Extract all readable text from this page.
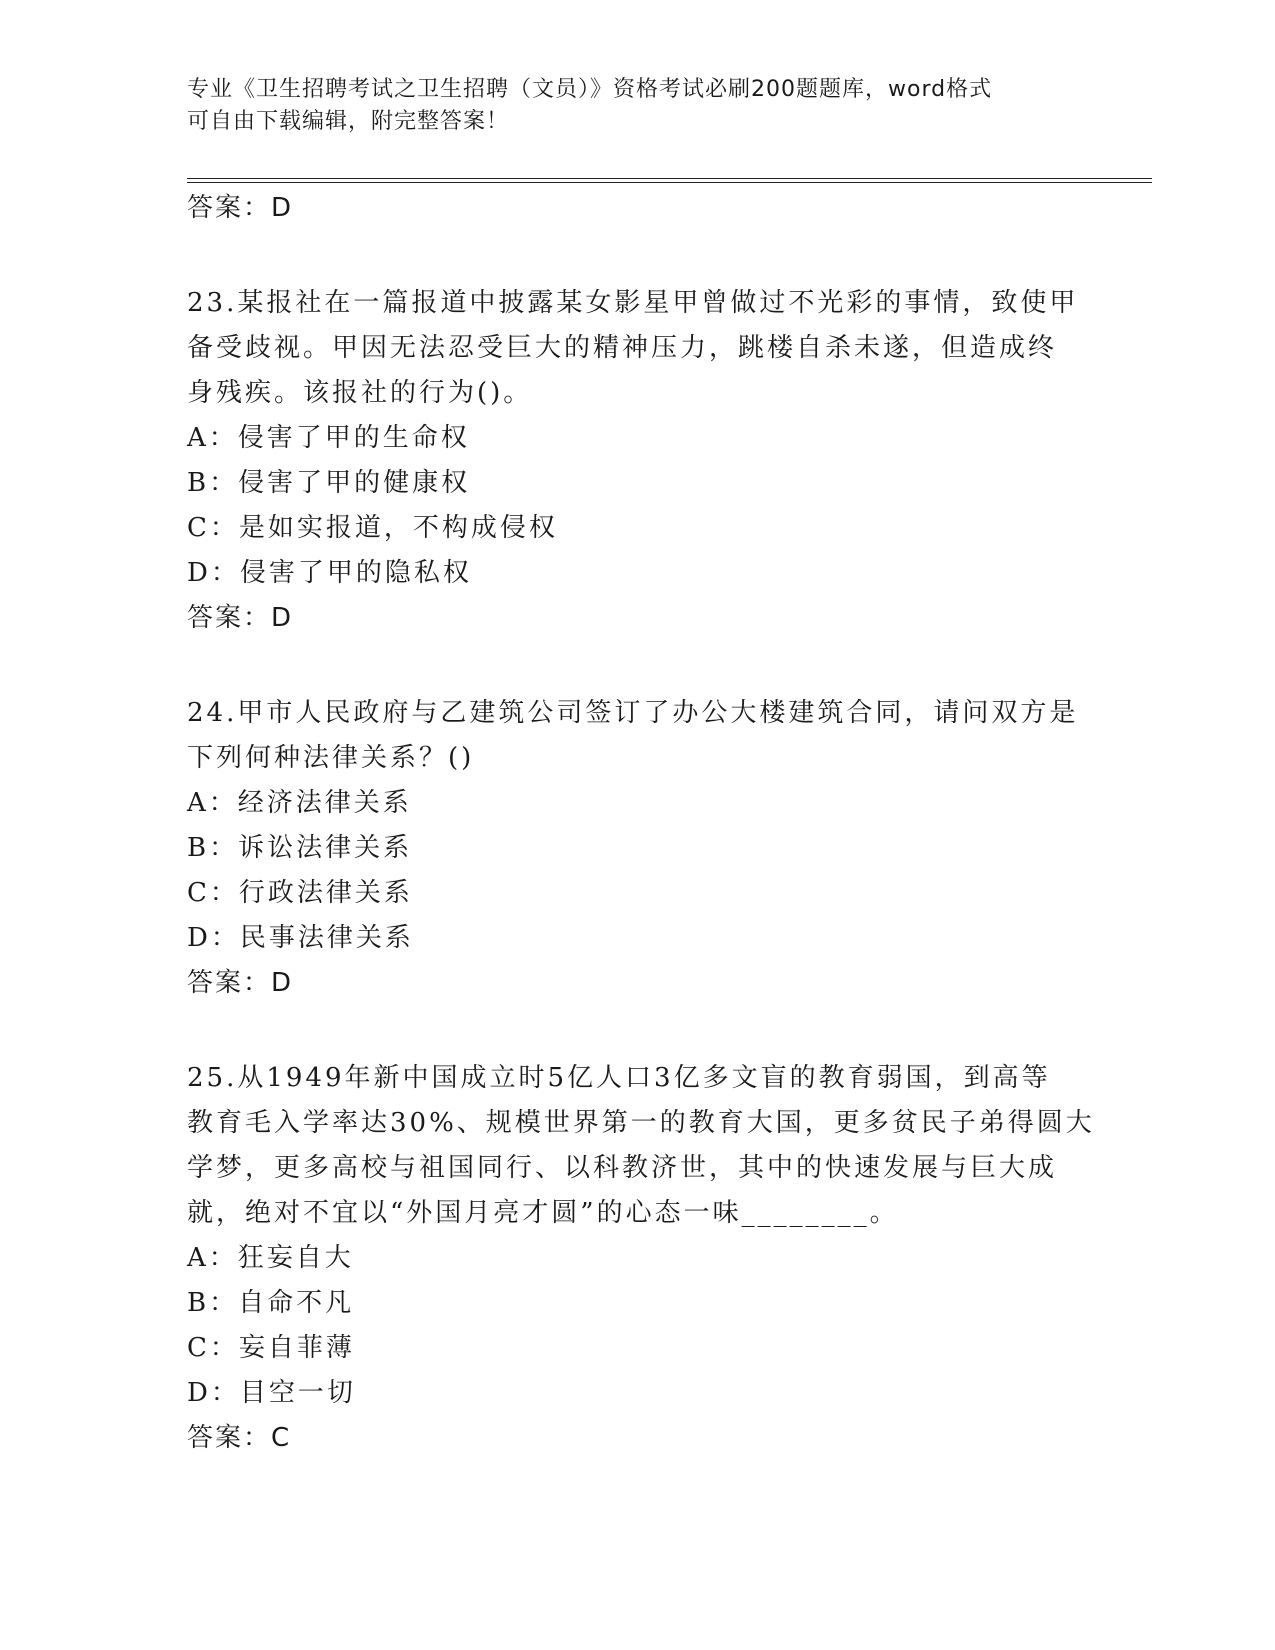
专业《卫生招聘考试之卫生招聘（文员）》资格考试必刷200题题库，word格式
可自由下载编辑，附完整答案！
答案：D
23.某报社在一篇报道中披露某女影星甲曾做过不光彩的事情，致使甲
备受歧视。甲因无法忍受巨大的精神压力，跳楼自杀未遂，但造成终
身残疾。该报社的行为()。
A：侵害了甲的生命权
B：侵害了甲的健康权
C：是如实报道，不构成侵权
D：侵害了甲的隐私权
答案：D
24.甲市人民政府与乙建筑公司签订了办公大楼建筑合同，请问双方是
下列何种法律关系？()
A：经济法律关系
B：诉讼法律关系
C：行政法律关系
D：民事法律关系
答案：D
25.从1949年新中国成立时5亿人口3亿多文盲的教育弱国，到高等
教育毛入学率达30%、规模世界第一的教育大国，更多贫民子弟得圆大
学梦，更多高校与祖国同行、以科教济世，其中的快速发展与巨大成
就，绝对不宜以“外国月亮才圆”的心态一味________。
A：狂妄自大
B：自命不凡
C：妄自菲薄
D：目空一切
答案：C
